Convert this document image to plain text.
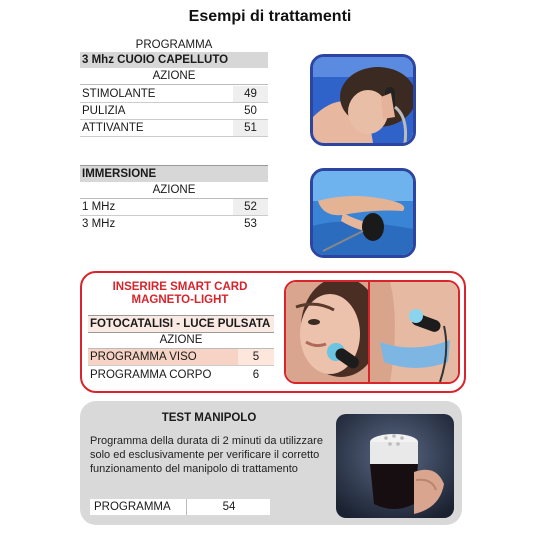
Esempi di trattamenti
PROGRAMMA
3 Mhz CUOIO CAPELLUTO
AZIONE
STIMOLANTE	49
PULIZIA	50
ATTIVANTE	51
IMMERSIONE
AZIONE
1 MHz	52
3 MHz	53
INSERIRE SMART CARD
MAGNETO-LIGHT
FOTOCATALISI - LUCE PULSATA
AZIONE
PROGRAMMA VISO	5
PROGRAMMA CORPO	6
TEST MANIPOLO
Programma della durata di 2 minuti da utilizzare
solo ed esclusivamente per verificare il corretto
funzionamento del manipolo di trattamento
PROGRAMMA	54
